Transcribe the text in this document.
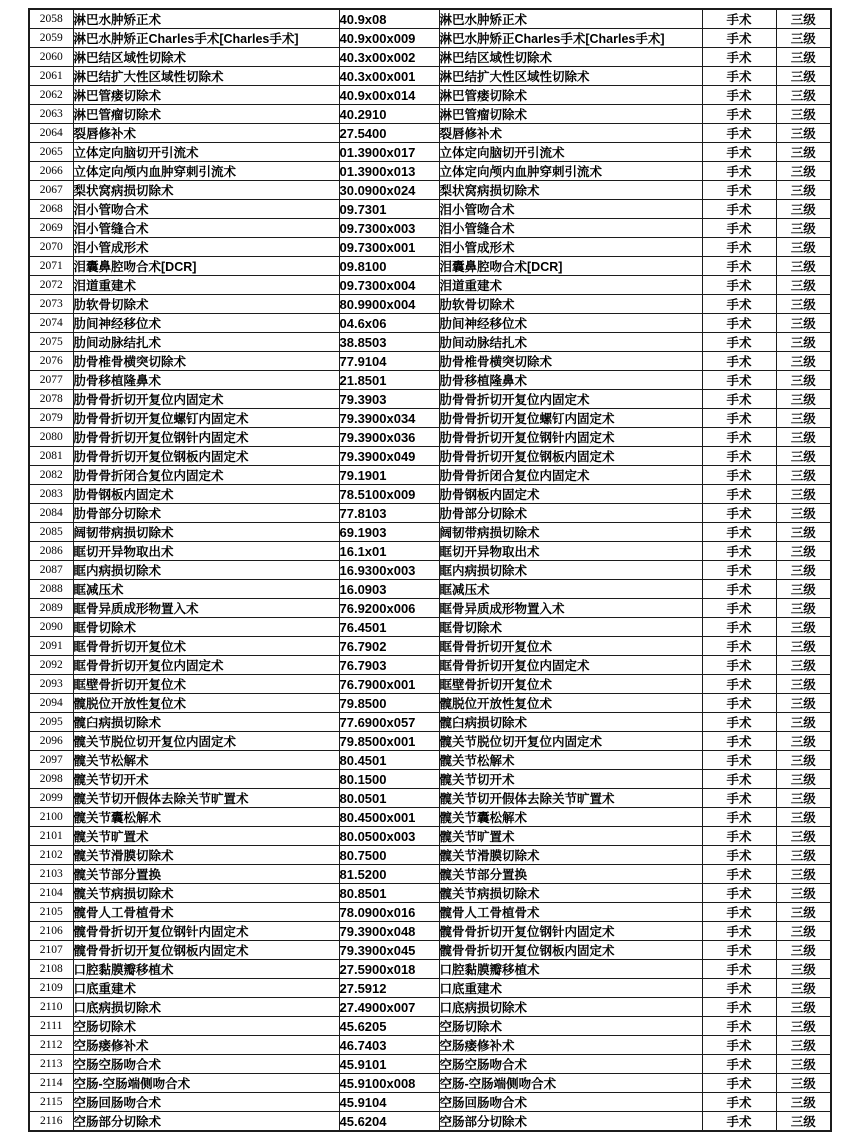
2058	淋巴水肿矫正术	40.9x08	淋巴水肿矫正术	手术	三级
2059	淋巴水肿矫正Charles手术[Charles手术]	40.9x00x009	淋巴水肿矫正Charles手术[Charles手术]	手术	三级
2060	淋巴结区域性切除术	40.3x00x002	淋巴结区域性切除术	手术	三级
2061	淋巴结扩大性区域性切除术	40.3x00x001	淋巴结扩大性区域性切除术	手术	三级
2062	淋巴管瘘切除术	40.9x00x014	淋巴管瘘切除术	手术	三级
2063	淋巴管瘤切除术	40.2910	淋巴管瘤切除术	手术	三级
2064	裂唇修补术	27.5400	裂唇修补术	手术	三级
2065	立体定向脑切开引流术	01.3900x017	立体定向脑切开引流术	手术	三级
2066	立体定向颅内血肿穿刺引流术	01.3900x013	立体定向颅内血肿穿刺引流术	手术	三级
2067	梨状窝病损切除术	30.0900x024	梨状窝病损切除术	手术	三级
2068	泪小管吻合术	09.7301	泪小管吻合术	手术	三级
2069	泪小管缝合术	09.7300x003	泪小管缝合术	手术	三级
2070	泪小管成形术	09.7300x001	泪小管成形术	手术	三级
2071	泪囊鼻腔吻合术[DCR]	09.8100	泪囊鼻腔吻合术[DCR]	手术	三级
2072	泪道重建术	09.7300x004	泪道重建术	手术	三级
2073	肋软骨切除术	80.9900x004	肋软骨切除术	手术	三级
2074	肋间神经移位术	04.6x06	肋间神经移位术	手术	三级
2075	肋间动脉结扎术	38.8503	肋间动脉结扎术	手术	三级
2076	肋骨椎骨横突切除术	77.9104	肋骨椎骨横突切除术	手术	三级
2077	肋骨移植隆鼻术	21.8501	肋骨移植隆鼻术	手术	三级
2078	肋骨骨折切开复位内固定术	79.3903	肋骨骨折切开复位内固定术	手术	三级
2079	肋骨骨折切开复位螺钉内固定术	79.3900x034	肋骨骨折切开复位螺钉内固定术	手术	三级
2080	肋骨骨折切开复位钢针内固定术	79.3900x036	肋骨骨折切开复位钢针内固定术	手术	三级
2081	肋骨骨折切开复位钢板内固定术	79.3900x049	肋骨骨折切开复位钢板内固定术	手术	三级
2082	肋骨骨折闭合复位内固定术	79.1901	肋骨骨折闭合复位内固定术	手术	三级
2083	肋骨钢板内固定术	78.5100x009	肋骨钢板内固定术	手术	三级
2084	肋骨部分切除术	77.8103	肋骨部分切除术	手术	三级
2085	阔韧带病损切除术	69.1903	阔韧带病损切除术	手术	三级
2086	眶切开异物取出术	16.1x01	眶切开异物取出术	手术	三级
2087	眶内病损切除术	16.9300x003	眶内病损切除术	手术	三级
2088	眶减压术	16.0903	眶减压术	手术	三级
2089	眶骨异质成形物置入术	76.9200x006	眶骨异质成形物置入术	手术	三级
2090	眶骨切除术	76.4501	眶骨切除术	手术	三级
2091	眶骨骨折切开复位术	76.7902	眶骨骨折切开复位术	手术	三级
2092	眶骨骨折切开复位内固定术	76.7903	眶骨骨折切开复位内固定术	手术	三级
2093	眶壁骨折切开复位术	76.7900x001	眶壁骨折切开复位术	手术	三级
2094	髋脱位开放性复位术	79.8500	髋脱位开放性复位术	手术	三级
2095	髋臼病损切除术	77.6900x057	髋臼病损切除术	手术	三级
2096	髋关节脱位切开复位内固定术	79.8500x001	髋关节脱位切开复位内固定术	手术	三级
2097	髋关节松解术	80.4501	髋关节松解术	手术	三级
2098	髋关节切开术	80.1500	髋关节切开术	手术	三级
2099	髋关节切开假体去除关节旷置术	80.0501	髋关节切开假体去除关节旷置术	手术	三级
2100	髋关节囊松解术	80.4500x001	髋关节囊松解术	手术	三级
2101	髋关节旷置术	80.0500x003	髋关节旷置术	手术	三级
2102	髋关节滑膜切除术	80.7500	髋关节滑膜切除术	手术	三级
2103	髋关节部分置换	81.5200	髋关节部分置换	手术	三级
2104	髋关节病损切除术	80.8501	髋关节病损切除术	手术	三级
2105	髋骨人工骨植骨术	78.0900x016	髋骨人工骨植骨术	手术	三级
2106	髋骨骨折切开复位钢针内固定术	79.3900x048	髋骨骨折切开复位钢针内固定术	手术	三级
2107	髋骨骨折切开复位钢板内固定术	79.3900x045	髋骨骨折切开复位钢板内固定术	手术	三级
2108	口腔黏膜瓣移植术	27.5900x018	口腔黏膜瓣移植术	手术	三级
2109	口底重建术	27.5912	口底重建术	手术	三级
2110	口底病损切除术	27.4900x007	口底病损切除术	手术	三级
2111	空肠切除术	45.6205	空肠切除术	手术	三级
2112	空肠瘘修补术	46.7403	空肠瘘修补术	手术	三级
2113	空肠空肠吻合术	45.9101	空肠空肠吻合术	手术	三级
2114	空肠-空肠端侧吻合术	45.9100x008	空肠-空肠端侧吻合术	手术	三级
2115	空肠回肠吻合术	45.9104	空肠回肠吻合术	手术	三级
2116	空肠部分切除术	45.6204	空肠部分切除术	手术	三级
